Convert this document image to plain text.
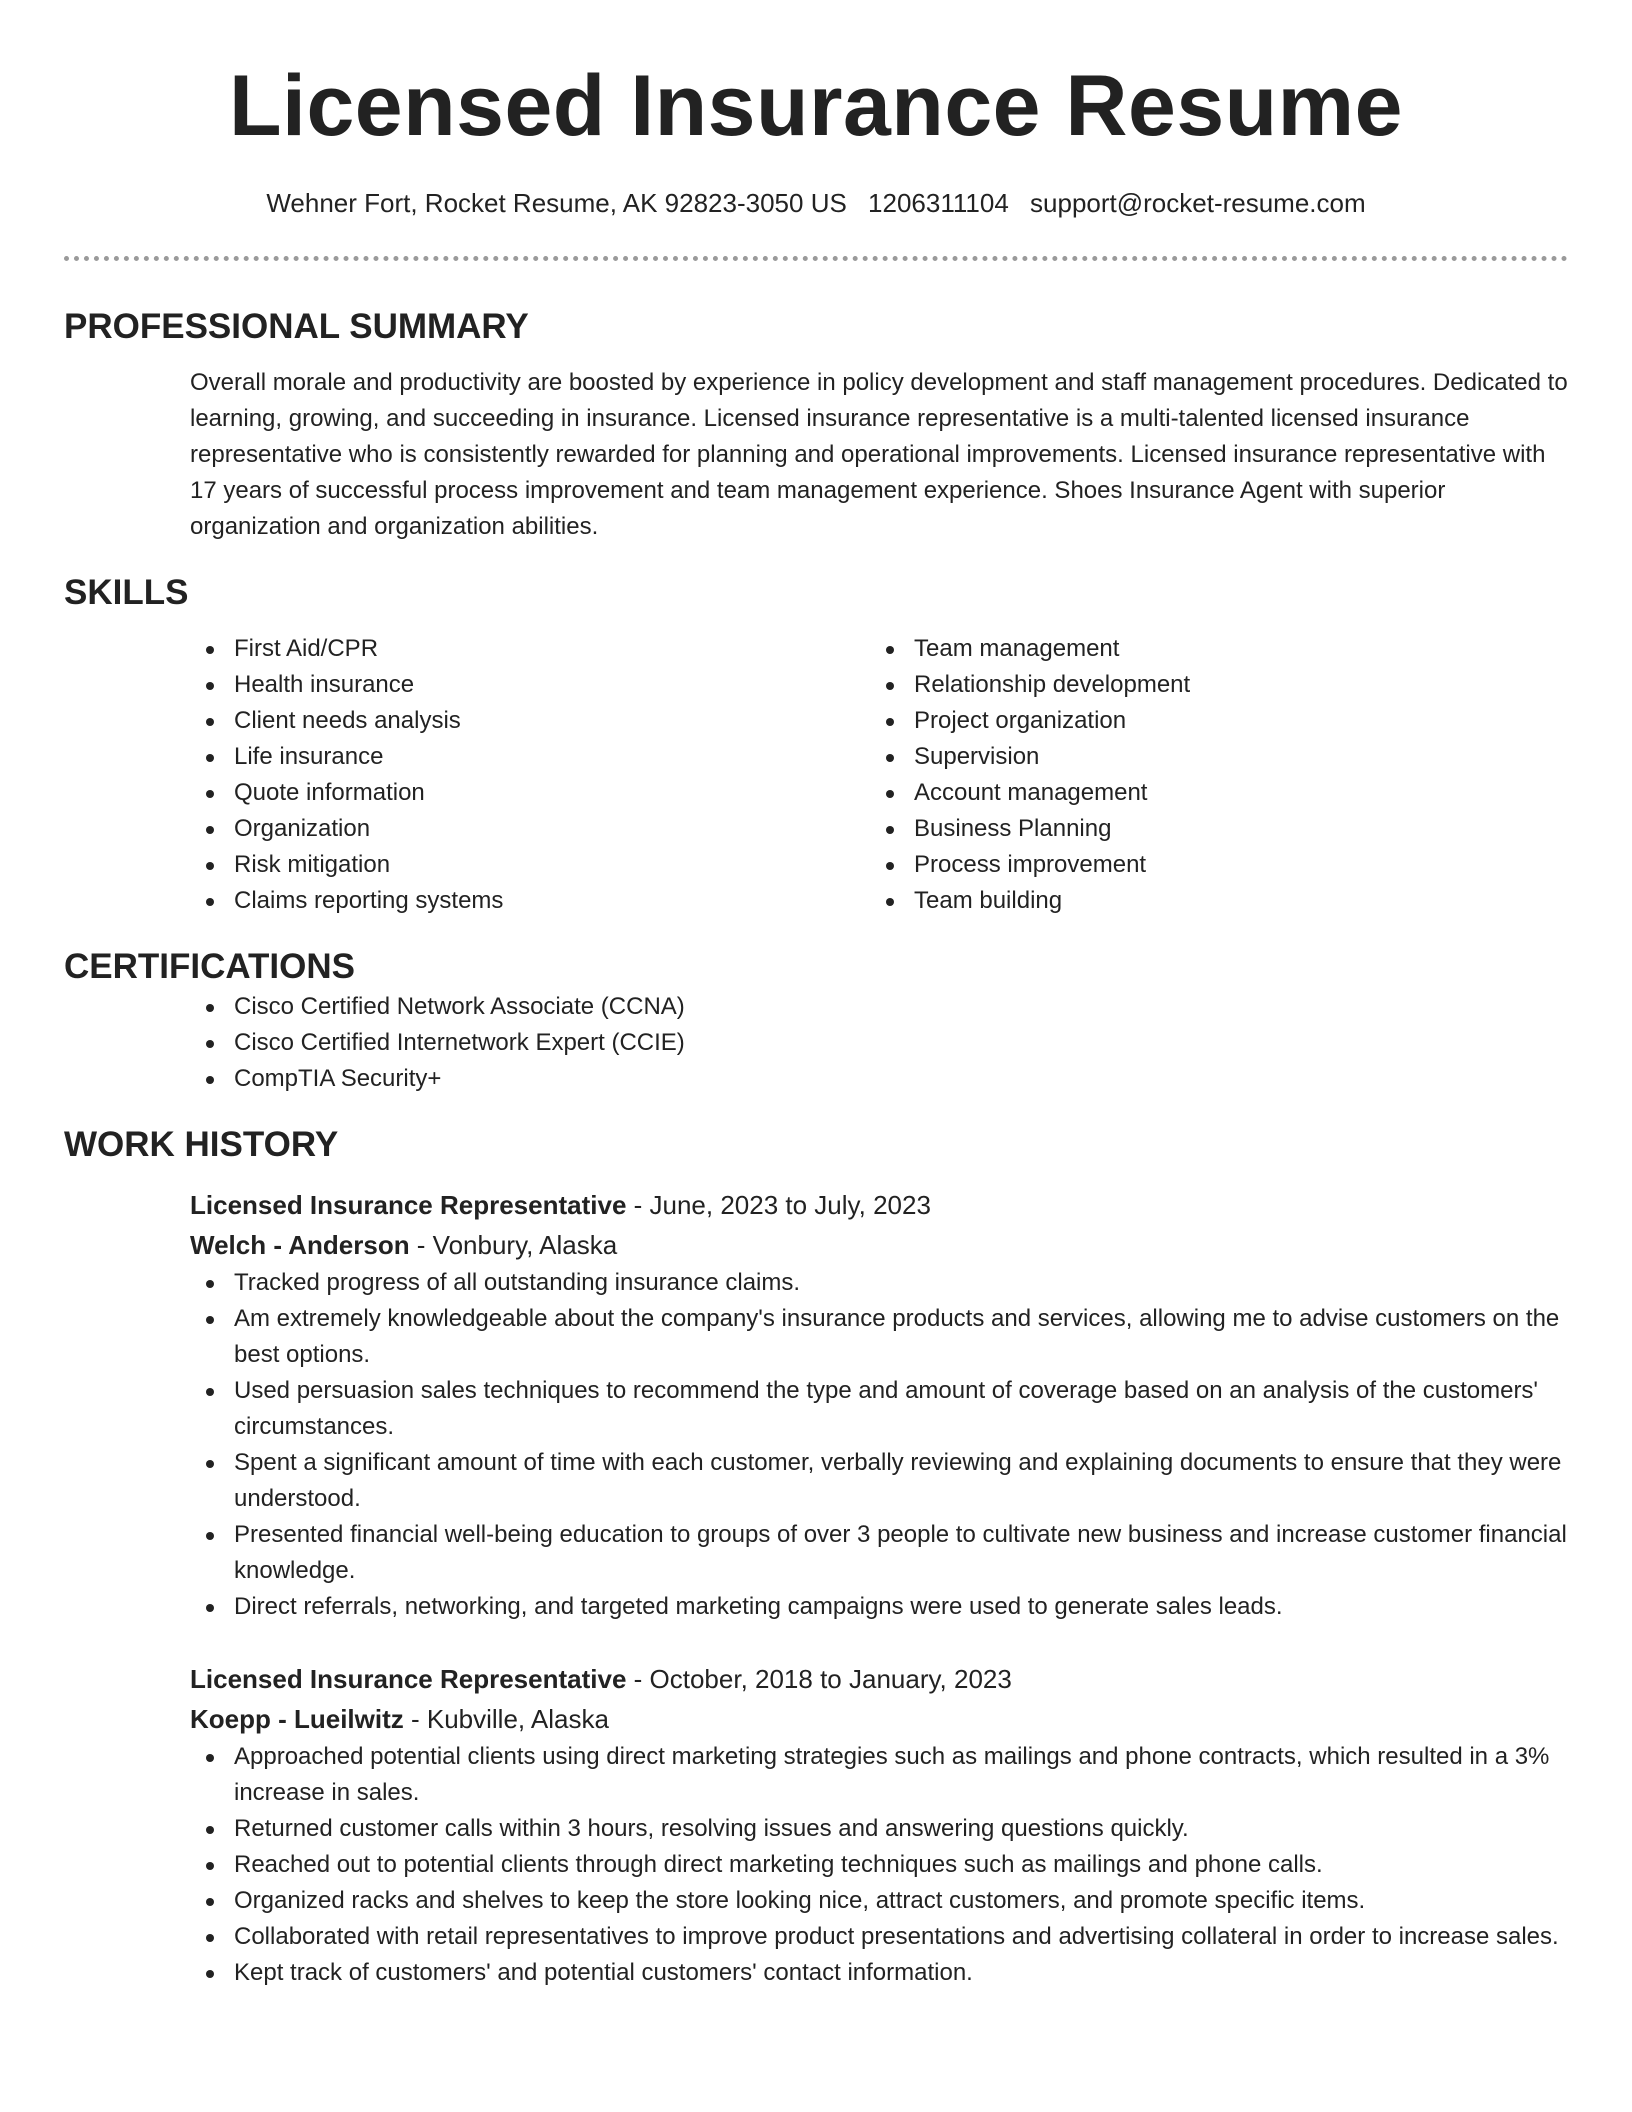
Licensed Insurance Resume
Wehner Fort, Rocket Resume, AK 92823-3050 US 1206311104 support@rocket-resume.com
PROFESSIONAL SUMMARY

Overall morale and productivity are boosted by experience in policy development and staff management procedures. Dedicated to learning, growing, and succeeding in insurance. Licensed insurance representative is a multi-talented licensed insurance representative who is consistently rewarded for planning and operational improvements. Licensed insurance representative with 17 years of successful process improvement and team management experience. Shoes Insurance Agent with superior organization and organization abilities.

SKILLS
First Aid/CPR
Health insurance
Client needs analysis
Life insurance
Quote information
Organization
Risk mitigation
Claims reporting systems
Team management
Relationship development
Project organization
Supervision
Account management
Business Planning
Process improvement
Team building
CERTIFICATIONS
Cisco Certified Network Associate (CCNA)
Cisco Certified Internetwork Expert (CCIE)
CompTIA Security+
WORK HISTORY
Licensed Insurance Representative - June, 2023 to July, 2023
Welch - Anderson - Vonbury, Alaska
Tracked progress of all outstanding insurance claims.
Am extremely knowledgeable about the company's insurance products and services, allowing me to advise customers on the best options.
Used persuasion sales techniques to recommend the type and amount of coverage based on an analysis of the customers' circumstances.
Spent a significant amount of time with each customer, verbally reviewing and explaining documents to ensure that they were understood.
Presented financial well-being education to groups of over 3 people to cultivate new business and increase customer financial knowledge.
Direct referrals, networking, and targeted marketing campaigns were used to generate sales leads.
Licensed Insurance Representative - October, 2018 to January, 2023
Koepp - Lueilwitz - Kubville, Alaska
Approached potential clients using direct marketing strategies such as mailings and phone contracts, which resulted in a 3% increase in sales.
Returned customer calls within 3 hours, resolving issues and answering questions quickly.
Reached out to potential clients through direct marketing techniques such as mailings and phone calls.
Organized racks and shelves to keep the store looking nice, attract customers, and promote specific items.
Collaborated with retail representatives to improve product presentations and advertising collateral in order to increase sales.
Kept track of customers' and potential customers' contact information.
